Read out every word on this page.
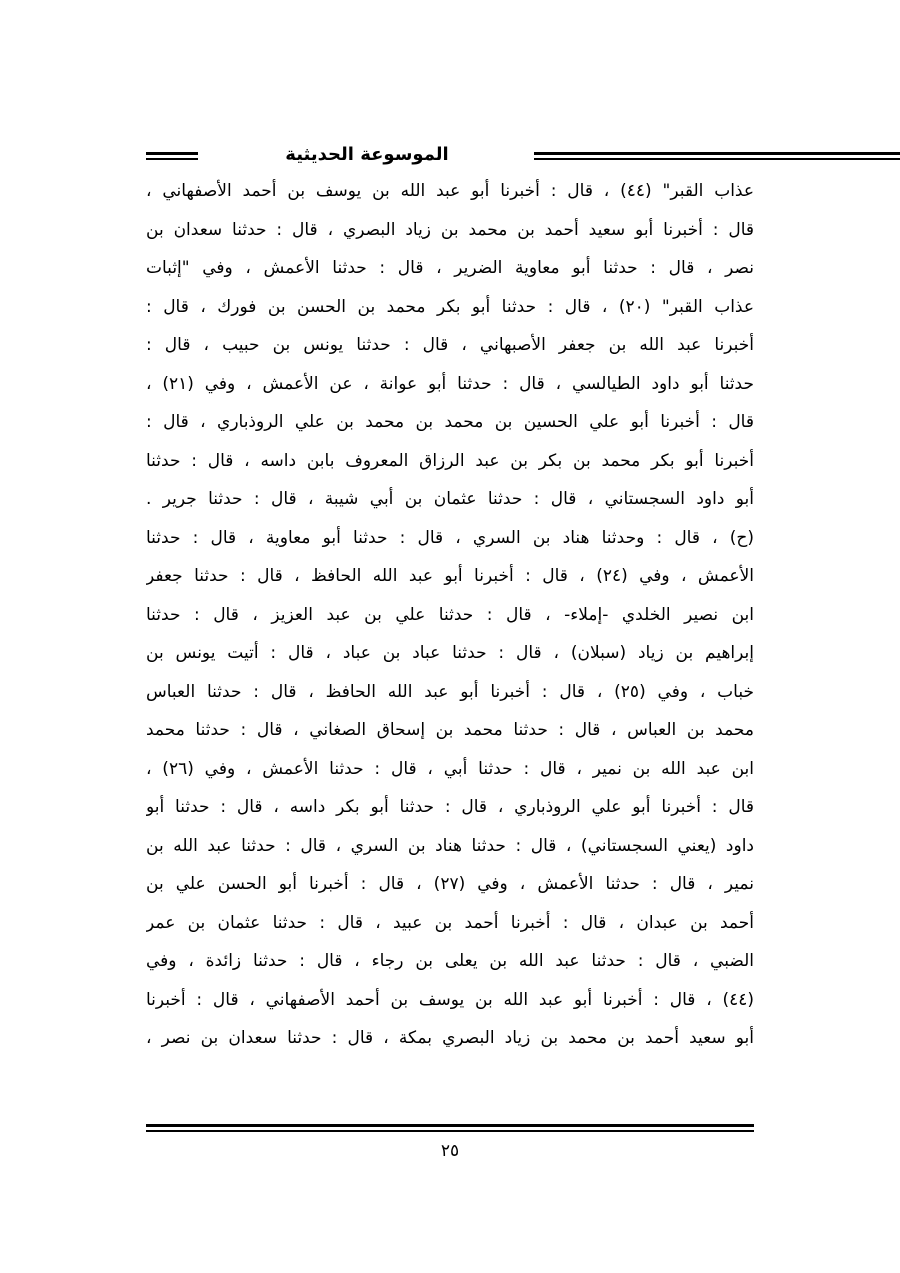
الموسوعة الحديثية
عذاب القبر" (٤٤) ، قال : أخبرنا أبو عبد الله بن يوسف بن أحمد الأصفهاني ،
قال : أخبرنا أبو سعيد أحمد بن محمد بن زياد البصري ، قال : حدثنا سعدان بن
نصر ، قال : حدثنا أبو معاوية الضرير ، قال : حدثنا الأعمش ، وفي "إثبات
عذاب القبر" (٢٠) ، قال : حدثنا أبو بكر محمد بن الحسن بن فورك ، قال :
أخبرنا عبد الله بن جعفر الأصبهاني ، قال : حدثنا يونس بن حبيب ، قال :
حدثنا أبو داود الطيالسي ، قال : حدثنا أبو عوانة ، عن الأعمش ، وفي (٢١) ،
قال : أخبرنا أبو علي الحسين بن محمد بن محمد بن علي الروذباري ، قال :
أخبرنا أبو بكر محمد بن بكر بن عبد الرزاق المعروف بابن داسه ، قال : حدثنا
أبو داود السجستاني ، قال : حدثنا عثمان بن أبي شيبة ، قال : حدثنا جرير .
(ح) ، قال : وحدثنا هناد بن السري ، قال : حدثنا أبو معاوية ، قال : حدثنا
الأعمش ، وفي (٢٤) ، قال : أخبرنا أبو عبد الله الحافظ ، قال : حدثنا جعفر
ابن نصير الخلدي -إملاء- ، قال : حدثنا علي بن عبد العزيز ، قال : حدثنا
إبراهيم بن زياد (سبلان) ، قال : حدثنا عباد بن عباد ، قال : أتيت يونس بن
خباب ، وفي (٢٥) ، قال : أخبرنا أبو عبد الله الحافظ ، قال : حدثنا العباس
محمد بن العباس ، قال : حدثنا محمد بن إسحاق الصغاني ، قال : حدثنا محمد
ابن عبد الله بن نمير ، قال : حدثنا أبي ، قال : حدثنا الأعمش ، وفي (٢٦) ،
قال : أخبرنا أبو علي الروذباري ، قال : حدثنا أبو بكر داسه ، قال : حدثنا أبو
داود (يعني السجستاني) ، قال : حدثنا هناد بن السري ، قال : حدثنا عبد الله بن
نمير ، قال : حدثنا الأعمش ، وفي (٢٧) ، قال : أخبرنا أبو الحسن علي بن
أحمد بن عبدان ، قال : أخبرنا أحمد بن عبيد ، قال : حدثنا عثمان بن عمر
الضبي ، قال : حدثنا عبد الله بن يعلى بن رجاء ، قال : حدثنا زائدة ، وفي
(٤٤) ، قال : أخبرنا أبو عبد الله بن يوسف بن أحمد الأصفهاني ، قال : أخبرنا
أبو سعيد أحمد بن محمد بن زياد البصري بمكة ، قال : حدثنا سعدان بن نصر ،
٢٥
